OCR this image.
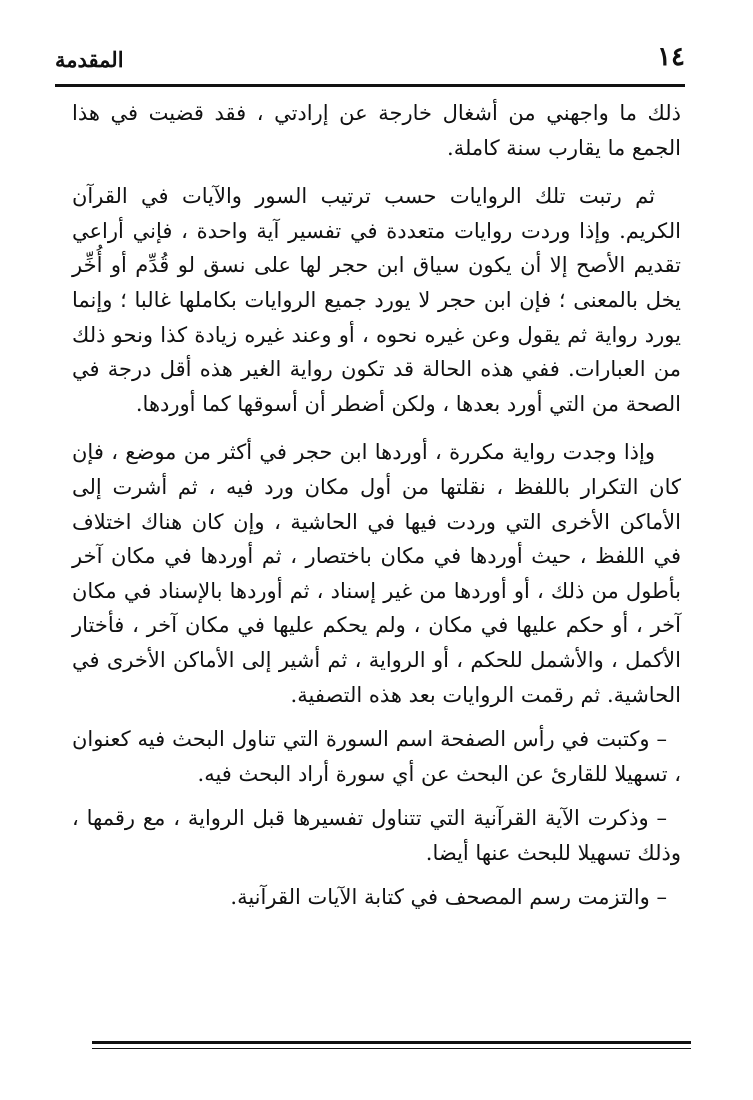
١٤
المقدمة

ذلك ما واجهني من أشغال خارجة عن إرادتي ، فقد قضيت في هذا الجمع ما يقارب سنة كاملة.

ثم رتبت تلك الروايات حسب ترتيب السور والآيات في القرآن الكريم. وإذا وردت روايات متعددة في تفسير آية واحدة ، فإني أراعي تقديم الأصح إلا أن يكون سياق ابن حجر لها على نسق لو قُدِّم أو أُخِّر يخل بالمعنى ؛ فإن ابن حجر لا يورد جميع الروايات بكاملها غالبا ؛ وإنما يورد رواية ثم يقول وعن غيره نحوه ، أو وعند غيره زيادة كذا ونحو ذلك من العبارات. ففي هذه الحالة قد تكون رواية الغير هذه أقل درجة في الصحة من التي أورد بعدها ، ولكن أضطر أن أسوقها كما أوردها.

وإذا وجدت رواية مكررة ، أوردها ابن حجر في أكثر من موضع ، فإن كان التكرار باللفظ ، نقلتها من أول مكان ورد فيه ، ثم أشرت إلى الأماكن الأخرى التي وردت فيها في الحاشية ، وإن كان هناك اختلاف في اللفظ ، حيث أوردها في مكان باختصار ، ثم أوردها في مكان آخر بأطول من ذلك ، أو أوردها من غير إسناد ، ثم أوردها بالإسناد في مكان آخر ، أو حكم عليها في مكان ، ولم يحكم عليها في مكان آخر ، فأختار الأكمل ، والأشمل للحكم ، أو الرواية ، ثم أشير إلى الأماكن الأخرى في الحاشية. ثم رقمت الروايات بعد هذه التصفية.

– وكتبت في رأس الصفحة اسم السورة التي تناول البحث فيه كعنوان ، تسهيلا للقارئ عن البحث عن أي سورة أراد البحث فيه.

– وذكرت الآية القرآنية التي تتناول تفسيرها قبل الرواية ، مع رقمها ، وذلك تسهيلا للبحث عنها أيضا.

– والتزمت رسم المصحف في كتابة الآيات القرآنية.
